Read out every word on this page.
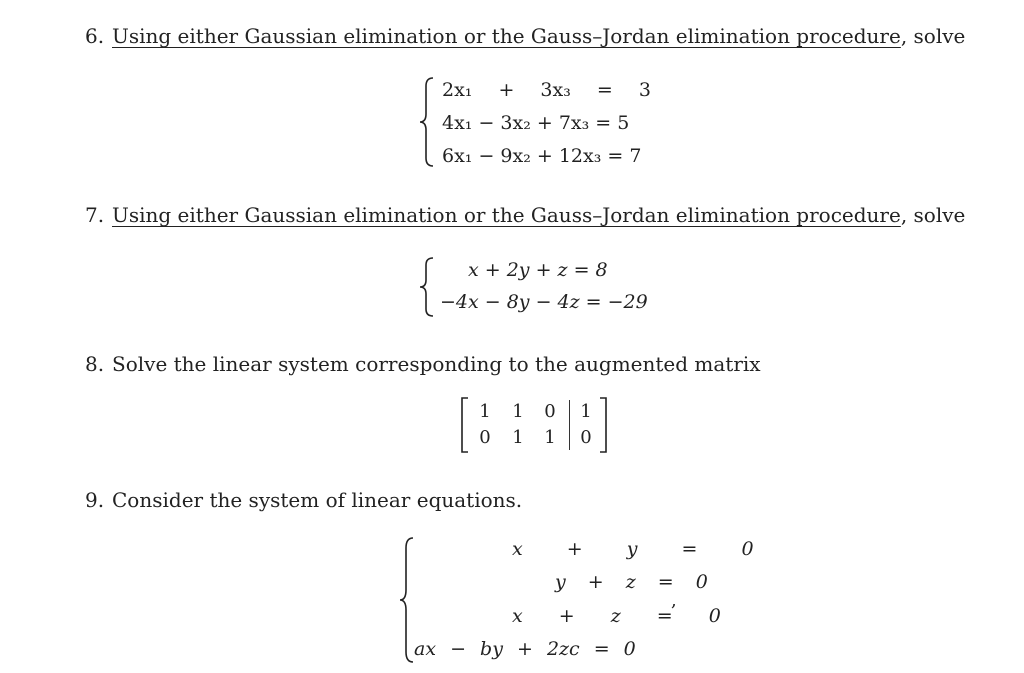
6. Using either Gaussian elimination or the Gauss–Jordan elimination procedure, solve
2x₁ + 3x₃ = 3
4x₁ − 3x₂ + 7x₃ = 5
6x₁ − 9x₂ + 12x₃ = 7
7. Using either Gaussian elimination or the Gauss–Jordan elimination procedure, solve
x + 2y + z = 8
−4x − 8y − 4z = −29
8. Solve the linear system corresponding to the augmented matrix
1 1 0 1
0 1 1 0
9. Consider the system of linear equations.
x + y = 0
y + z = 0
x + z = 0
,
ax − by + 2zc = 0
